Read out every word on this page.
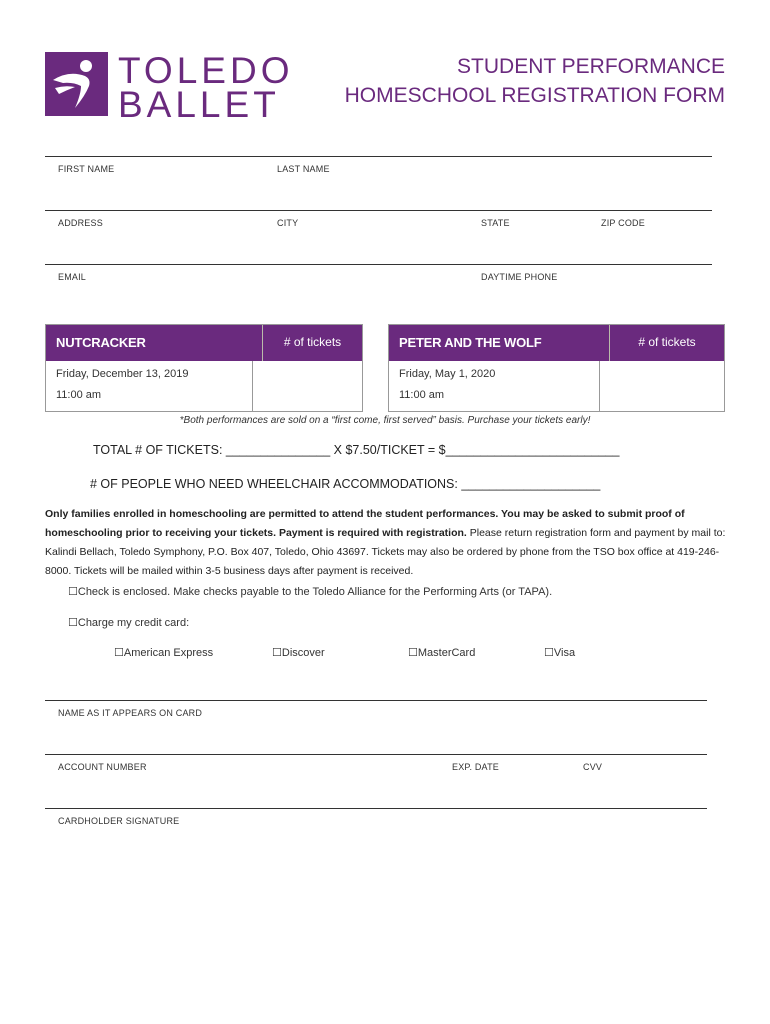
TOLEDO
BALLET
STUDENT PERFORMANCE
HOMESCHOOL REGISTRATION FORM
FIRST NAME	LAST NAME
ADDRESS	CITY	STATE	ZIP CODE
EMAIL	DAYTIME PHONE
NUTCRACKER	# of tickets
Friday, December 13, 2019
11:00 am
PETER AND THE WOLF	# of tickets
Friday, May 1, 2020
11:00 am
*Both performances are sold on a “first come, first served” basis. Purchase your tickets early!
TOTAL # OF TICKETS: _______________ X $7.50/TICKET = $_________________________
# OF PEOPLE WHO NEED WHEELCHAIR ACCOMMODATIONS: ____________________
Only families enrolled in homeschooling are permitted to attend the student performances. You may be asked to submit proof of homeschooling prior to receiving your tickets. Payment is required with registration. Please return registration form and payment by mail to: Kalindi Bellach, Toledo Symphony, P.O. Box 407, Toledo, Ohio 43697. Tickets may also be ordered by phone from the TSO box office at 419-246-8000. Tickets will be mailed within 3-5 business days after payment is received.
☐Check is enclosed. Make checks payable to the Toledo Alliance for the Performing Arts (or TAPA).
☐Charge my credit card:
☐American Express	☐Discover	☐MasterCard	☐Visa
NAME AS IT APPEARS ON CARD
ACCOUNT NUMBER	EXP. DATE	CVV
CARDHOLDER SIGNATURE
